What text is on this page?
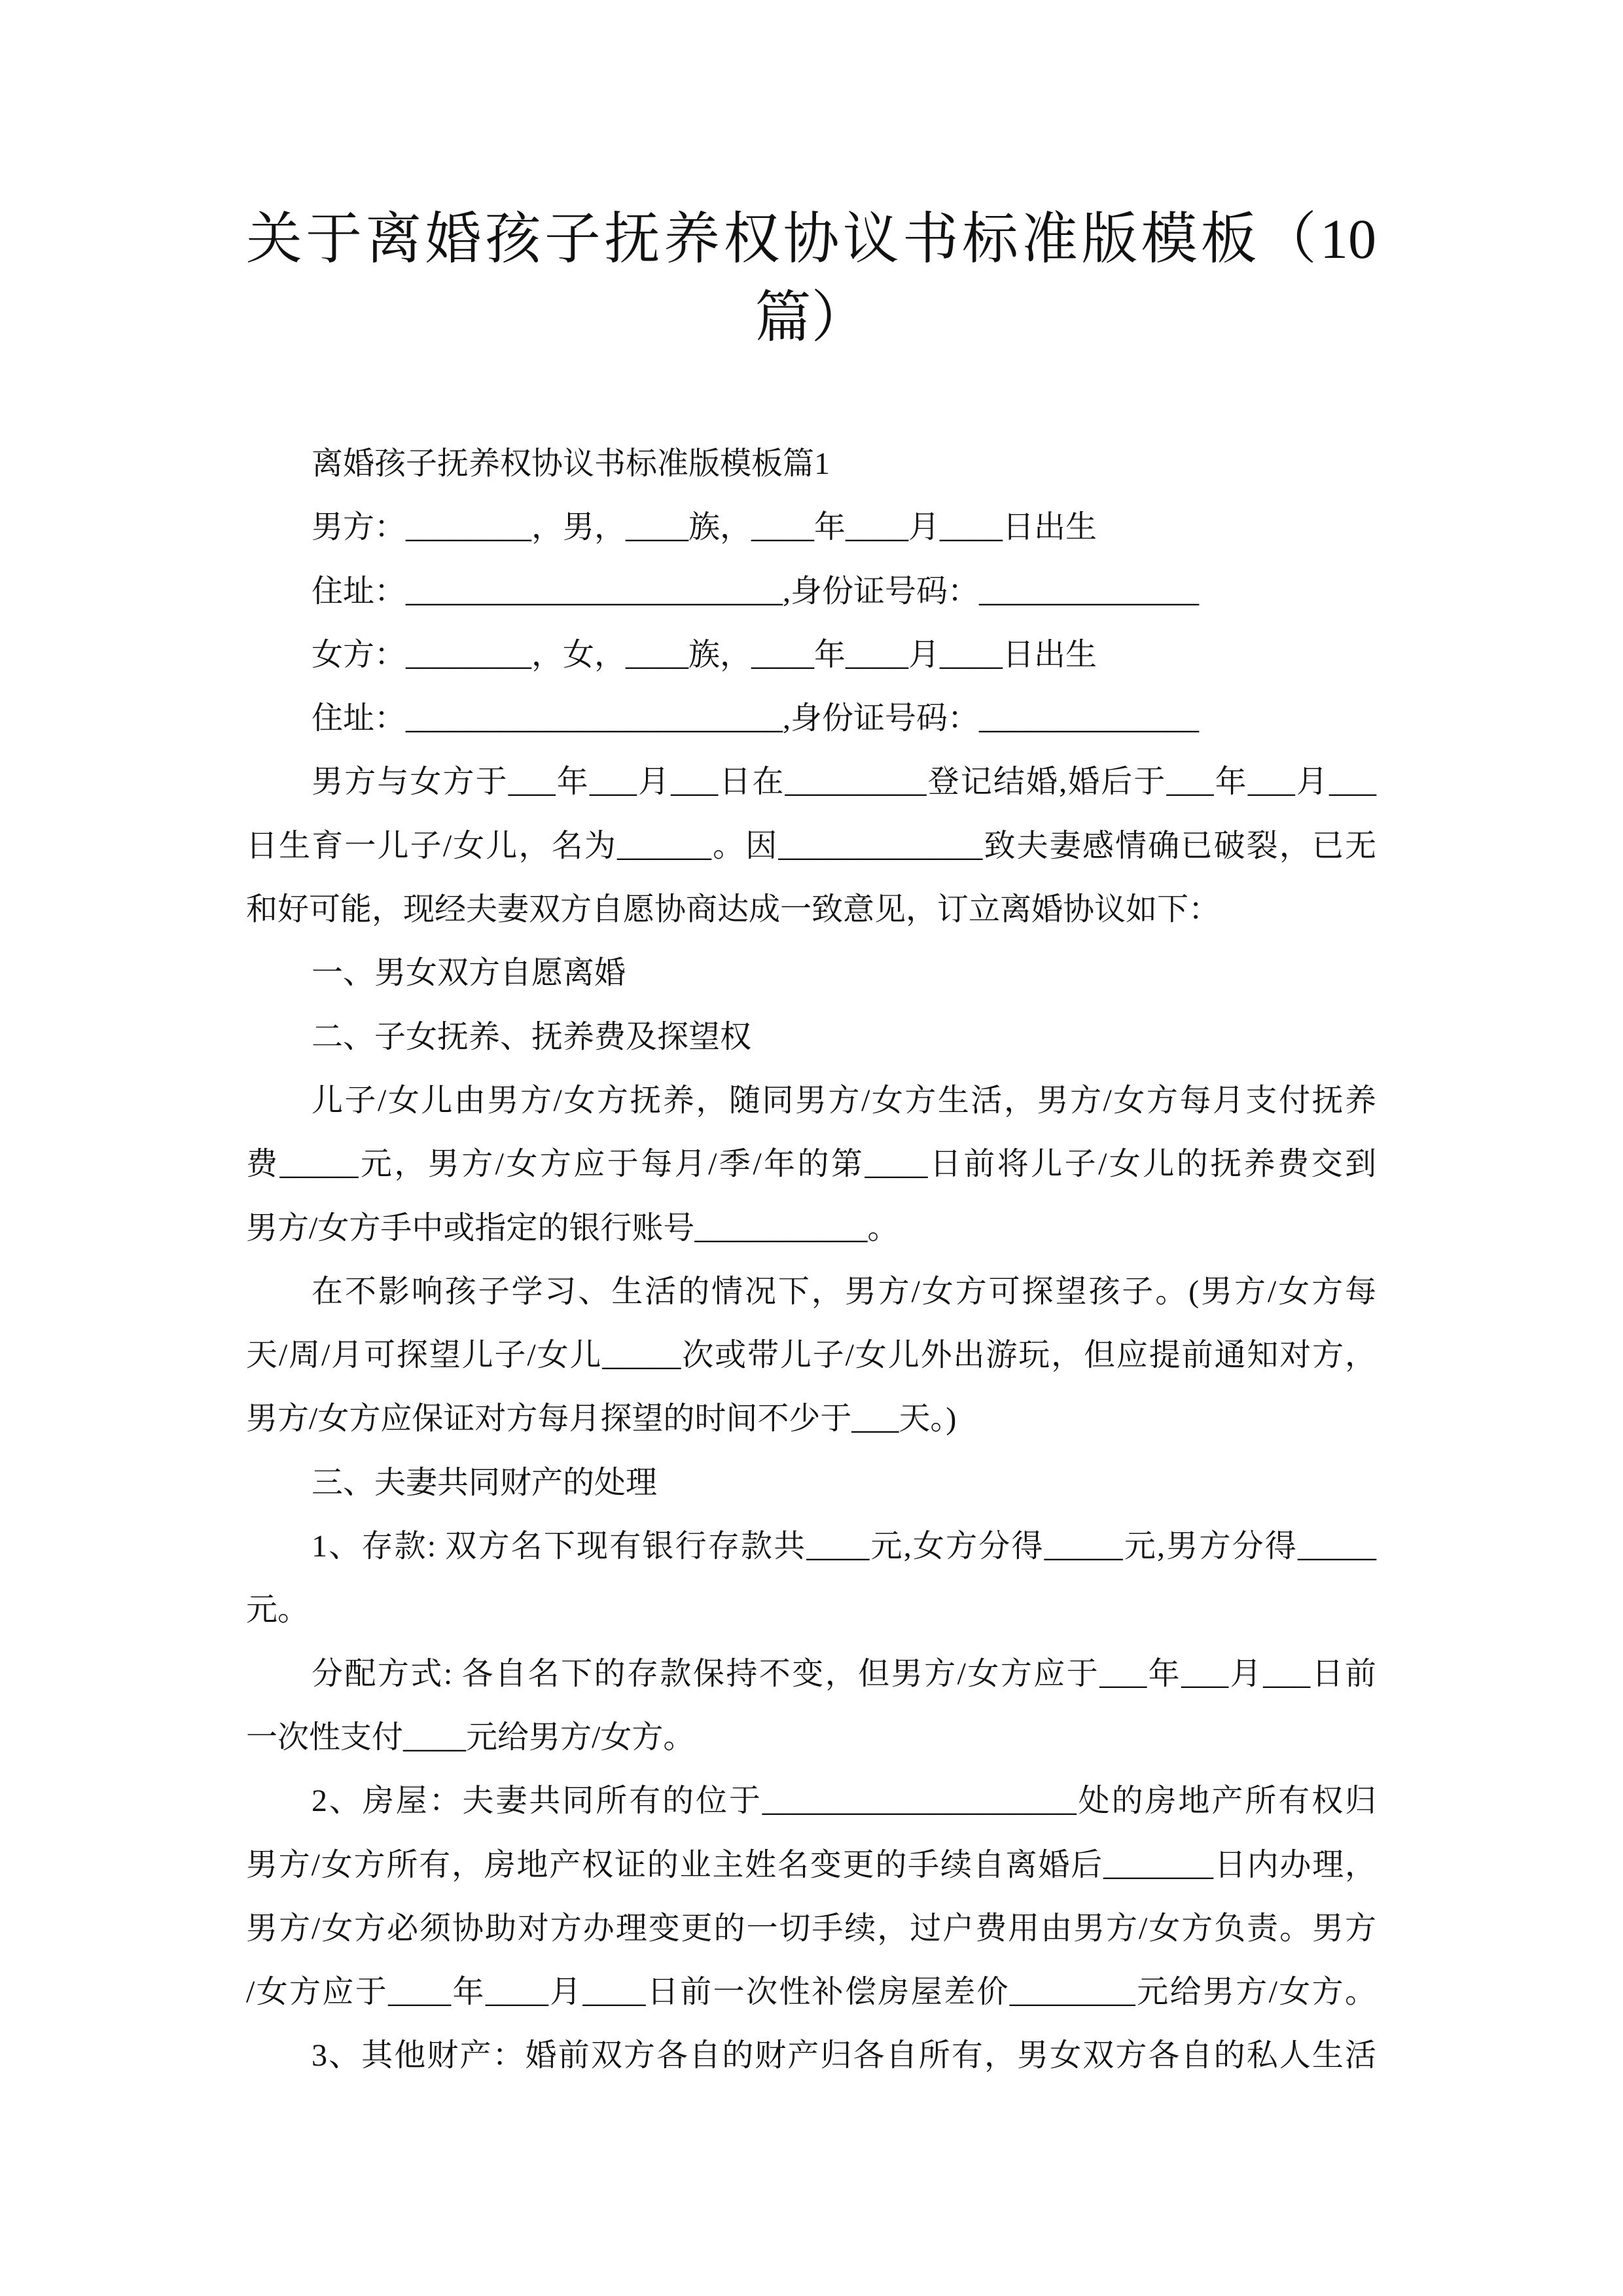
关于离婚孩子抚养权协议书标准版模板（10
篇）
离婚孩子抚养权协议书标准版模板篇1
男方：________，男，____族，____年____月____日出生
住址：________________________,身份证号码：______________
女方：________，女，____族，____年____月____日出生
住址：________________________,身份证号码：______________
男方与女方于___年___月___日在_________登记结婚,婚后于___年___月___
日生育一儿子/女儿，名为______。因_____________致夫妻感情确已破裂，已无
和好可能，现经夫妻双方自愿协商达成一致意见，订立离婚协议如下：
一、男女双方自愿离婚
二、子女抚养、抚养费及探望权
儿子/女儿由男方/女方抚养，随同男方/女方生活，男方/女方每月支付抚养
费_____元，男方/女方应于每月/季/年的第____日前将儿子/女儿的抚养费交到
男方/女方手中或指定的银行账号___________。
在不影响孩子学习、生活的情况下，男方/女方可探望孩子。(男方/女方每
天/周/月可探望儿子/女儿_____次或带儿子/女儿外出游玩，但应提前通知对方，
男方/女方应保证对方每月探望的时间不少于___天。)
三、夫妻共同财产的处理
1、存款: 双方名下现有银行存款共____元,女方分得_____元,男方分得_____
元。
分配方式: 各自名下的存款保持不变，但男方/女方应于___年___月___日前
一次性支付____元给男方/女方。
2、房屋：夫妻共同所有的位于____________________处的房地产所有权归
男方/女方所有，房地产权证的业主姓名变更的手续自离婚后_______日内办理，
男方/女方必须协助对方办理变更的一切手续，过户费用由男方/女方负责。男方
/女方应于____年____月____日前一次性补偿房屋差价________元给男方/女方。
3、其他财产：婚前双方各自的财产归各自所有，男女双方各自的私人生活
